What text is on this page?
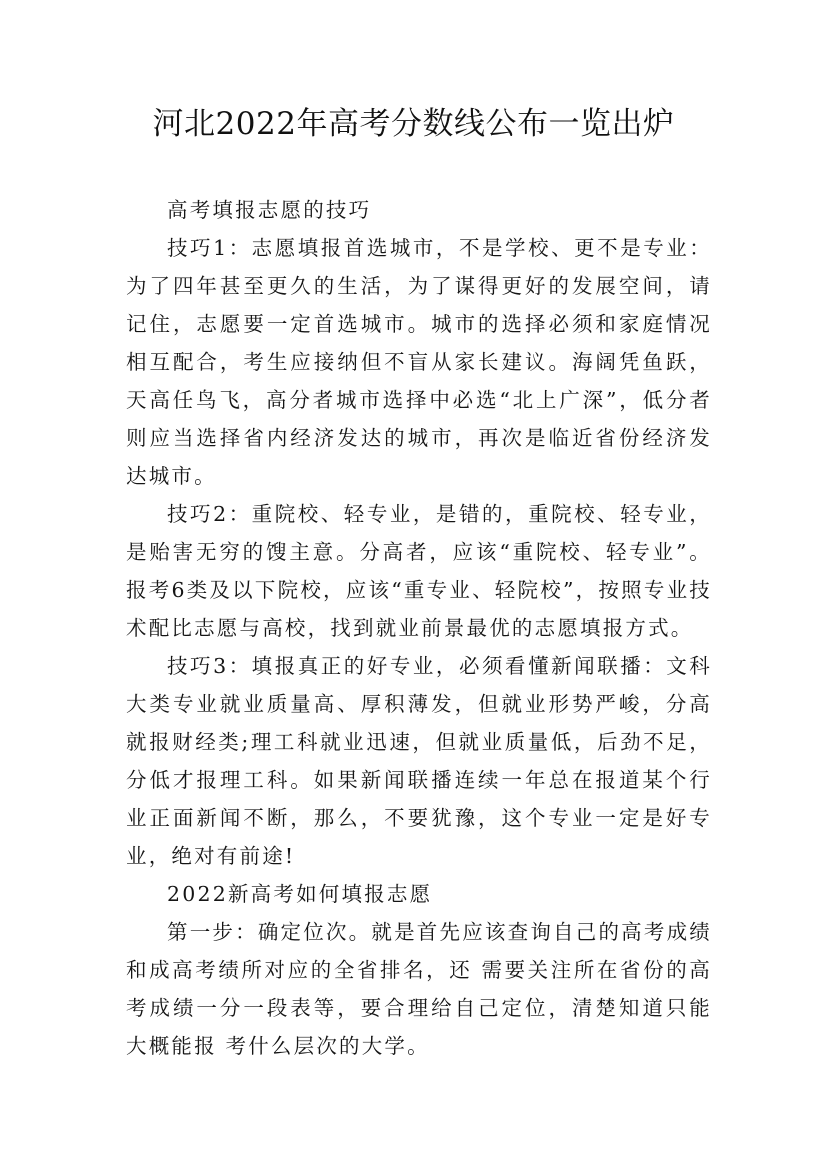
河北2022年高考分数线公布一览出炉

高考填报志愿的技巧

技巧1：志愿填报首选城市，不是学校、更不是专业：为了四年甚至更久的生活，为了谋得更好的发展空间，请记住，志愿要一定首选城市。城市的选择必须和家庭情况相互配合，考生应接纳但不盲从家长建议。海阔凭鱼跃，天高任鸟飞，高分者城市选择中必选“北上广深”，低分者则应当选择省内经济发达的城市，再次是临近省份经济发达城市。

技巧2：重院校、轻专业，是错的，重院校、轻专业，是贻害无穷的馊主意。分高者，应该“重院校、轻专业”。报考6类及以下院校，应该“重专业、轻院校”，按照专业技术配比志愿与高校，找到就业前景最优的志愿填报方式。

技巧3：填报真正的好专业，必须看懂新闻联播：文科大类专业就业质量高、厚积薄发，但就业形势严峻，分高就报财经类;理工科就业迅速，但就业质量低，后劲不足，分低才报理工科。如果新闻联播连续一年总在报道某个行业正面新闻不断，那么，不要犹豫，这个专业一定是好专业，绝对有前途!

2022新高考如何填报志愿

第一步：确定位次。就是首先应该查询自己的高考成绩和成高考绩所对应的全省排名，还 需要关注所在省份的高考成绩一分一段表等，要合理给自己定位，清楚知道只能大概能报 考什么层次的大学。
